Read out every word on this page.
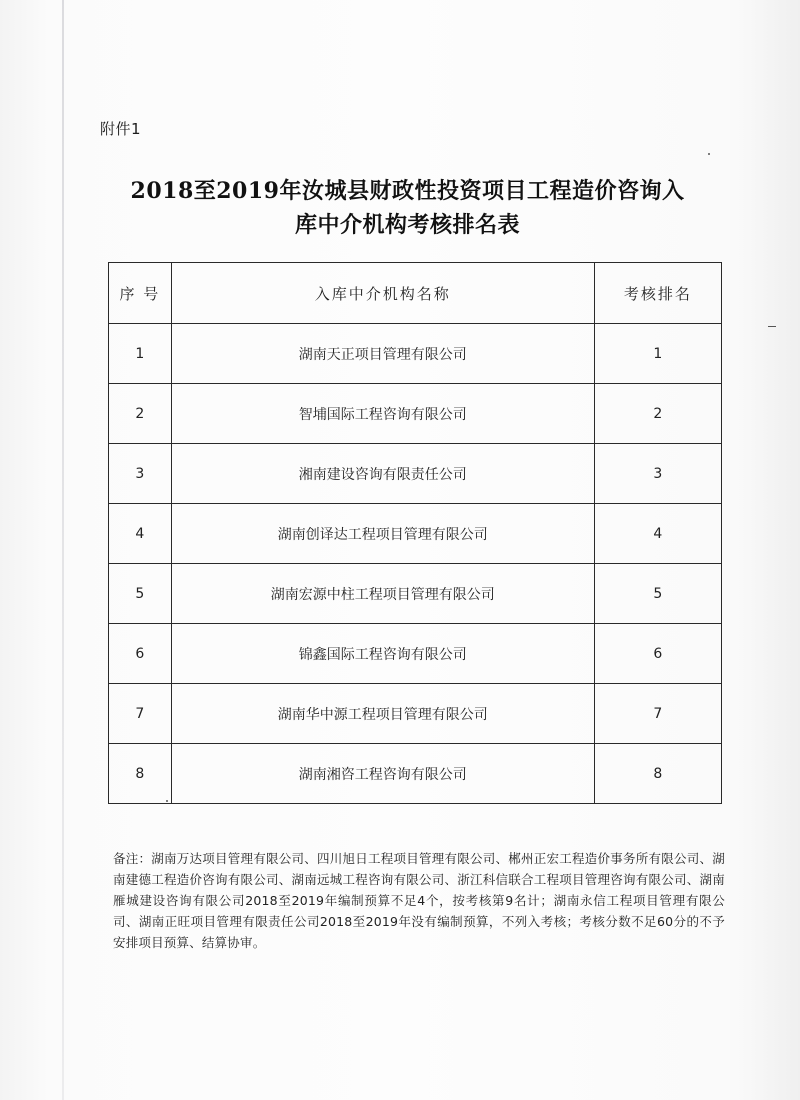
附件1
2018至2019年汝城县财政性投资项目工程造价咨询入
库中介机构考核排名表
序 号	入库中介机构名称	考核排名
1	湖南天正项目管理有限公司	1
2	智埔国际工程咨询有限公司	2
3	湘南建设咨询有限责任公司	3
4	湖南创译达工程项目管理有限公司	4
5	湖南宏源中柱工程项目管理有限公司	5
6	锦鑫国际工程咨询有限公司	6
7	湖南华中源工程项目管理有限公司	7
8	湖南湘咨工程咨询有限公司	8
备注：湖南万达项目管理有限公司、四川旭日工程项目管理有限公司、郴州正宏工程造价事务所有限公司、湖南建德工程造价咨询有限公司、湖南远城工程咨询有限公司、浙江科信联合工程项目管理咨询有限公司、湖南雁城建设咨询有限公司2018至2019年编制预算不足4个，按考核第9名计；湖南永信工程项目管理有限公司、湖南正旺项目管理有限责任公司2018至2019年没有编制预算，不列入考核；考核分数不足60分的不予安排项目预算、结算协审。
